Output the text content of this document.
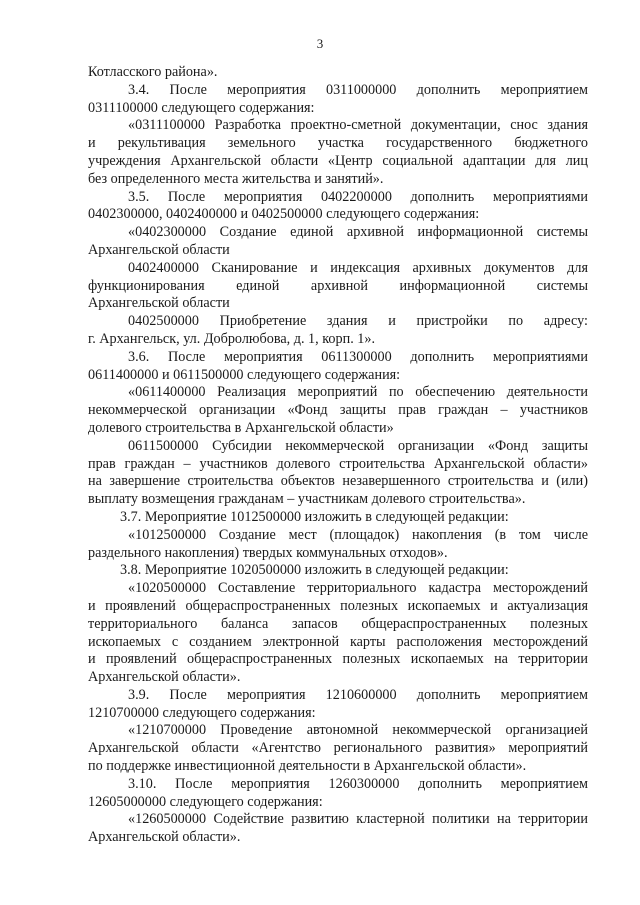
3
Котласского района».
3.4. После мероприятия 0311000000 дополнить мероприятием
0311100000 следующего содержания:
«0311100000 Разработка проектно-сметной документации, снос здания
и рекультивация земельного участка государственного бюджетного
учреждения Архангельской области «Центр социальной адаптации для лиц
без определенного места жительства и занятий».
3.5. После мероприятия 0402200000 дополнить мероприятиями
0402300000, 0402400000 и 0402500000 следующего содержания:
«0402300000 Создание единой архивной информационной системы
Архангельской области
0402400000 Сканирование и индексация архивных документов для
функционирования единой архивной информационной системы
Архангельской области
0402500000 Приобретение здания и пристройки по адресу:
г. Архангельск, ул. Добролюбова, д. 1, корп. 1».
3.6. После мероприятия 0611300000 дополнить мероприятиями
0611400000 и 0611500000 следующего содержания:
«0611400000 Реализация мероприятий по обеспечению деятельности
некоммерческой организации «Фонд защиты прав граждан – участников
долевого строительства в Архангельской области»
0611500000 Субсидии некоммерческой организации «Фонд защиты
прав граждан – участников долевого строительства Архангельской области»
на завершение строительства объектов незавершенного строительства и (или)
выплату возмещения гражданам – участникам долевого строительства».
3.7. Мероприятие 1012500000 изложить в следующей редакции:
«1012500000 Создание мест (площадок) накопления (в том числе
раздельного накопления) твердых коммунальных отходов».
3.8. Мероприятие 1020500000 изложить в следующей редакции:
«1020500000 Составление территориального кадастра месторождений
и проявлений общераспространенных полезных ископаемых и актуализация
территориального баланса запасов общераспространенных полезных
ископаемых с созданием электронной карты расположения месторождений
и проявлений общераспространенных полезных ископаемых на территории
Архангельской области».
3.9. После мероприятия 1210600000 дополнить мероприятием
1210700000 следующего содержания:
«1210700000 Проведение автономной некоммерческой организацией
Архангельской области «Агентство регионального развития» мероприятий
по поддержке инвестиционной деятельности в Архангельской области».
3.10. После мероприятия 1260300000 дополнить мероприятием
12605000000 следующего содержания:
«1260500000 Содействие развитию кластерной политики на территории
Архангельской области».
